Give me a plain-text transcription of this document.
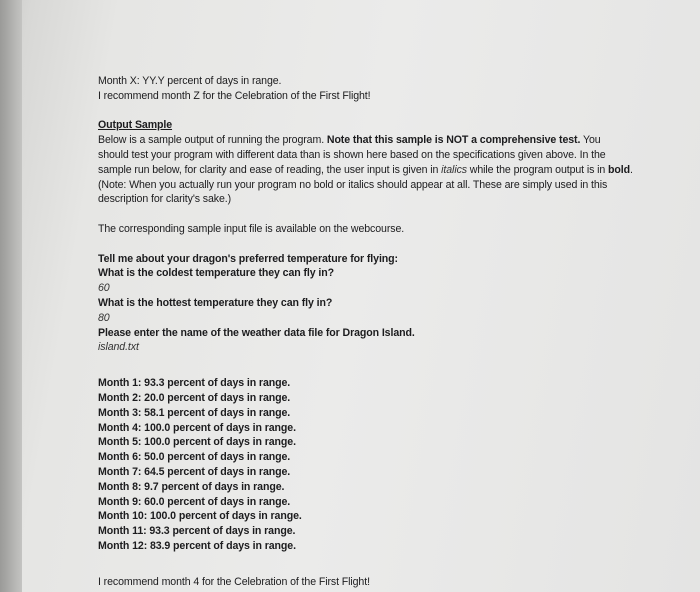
Month X: YY.Y percent of days in range.
I recommend month Z for the Celebration of the First Flight!
Output Sample
Below is a sample output of running the program. Note that this sample is NOT a comprehensive test. You should test your program with different data than is shown here based on the specifications given above. In the sample run below, for clarity and ease of reading, the user input is given in italics while the program output is in bold. (Note: When you actually run your program no bold or italics should appear at all. These are simply used in this description for clarity's sake.)
The corresponding sample input file is available on the webcourse.
Tell me about your dragon's preferred temperature for flying:
What is the coldest temperature they can fly in?
60
What is the hottest temperature they can fly in?
80
Please enter the name of the weather data file for Dragon Island.
island.txt
Month 1: 93.3 percent of days in range.
Month 2: 20.0 percent of days in range.
Month 3: 58.1 percent of days in range.
Month 4: 100.0 percent of days in range.
Month 5: 100.0 percent of days in range.
Month 6: 50.0 percent of days in range.
Month 7: 64.5 percent of days in range.
Month 8: 9.7 percent of days in range.
Month 9: 60.0 percent of days in range.
Month 10: 100.0 percent of days in range.
Month 11: 93.3 percent of days in range.
Month 12: 83.9 percent of days in range.
I recommend month 4 for the Celebration of the First Flight!
